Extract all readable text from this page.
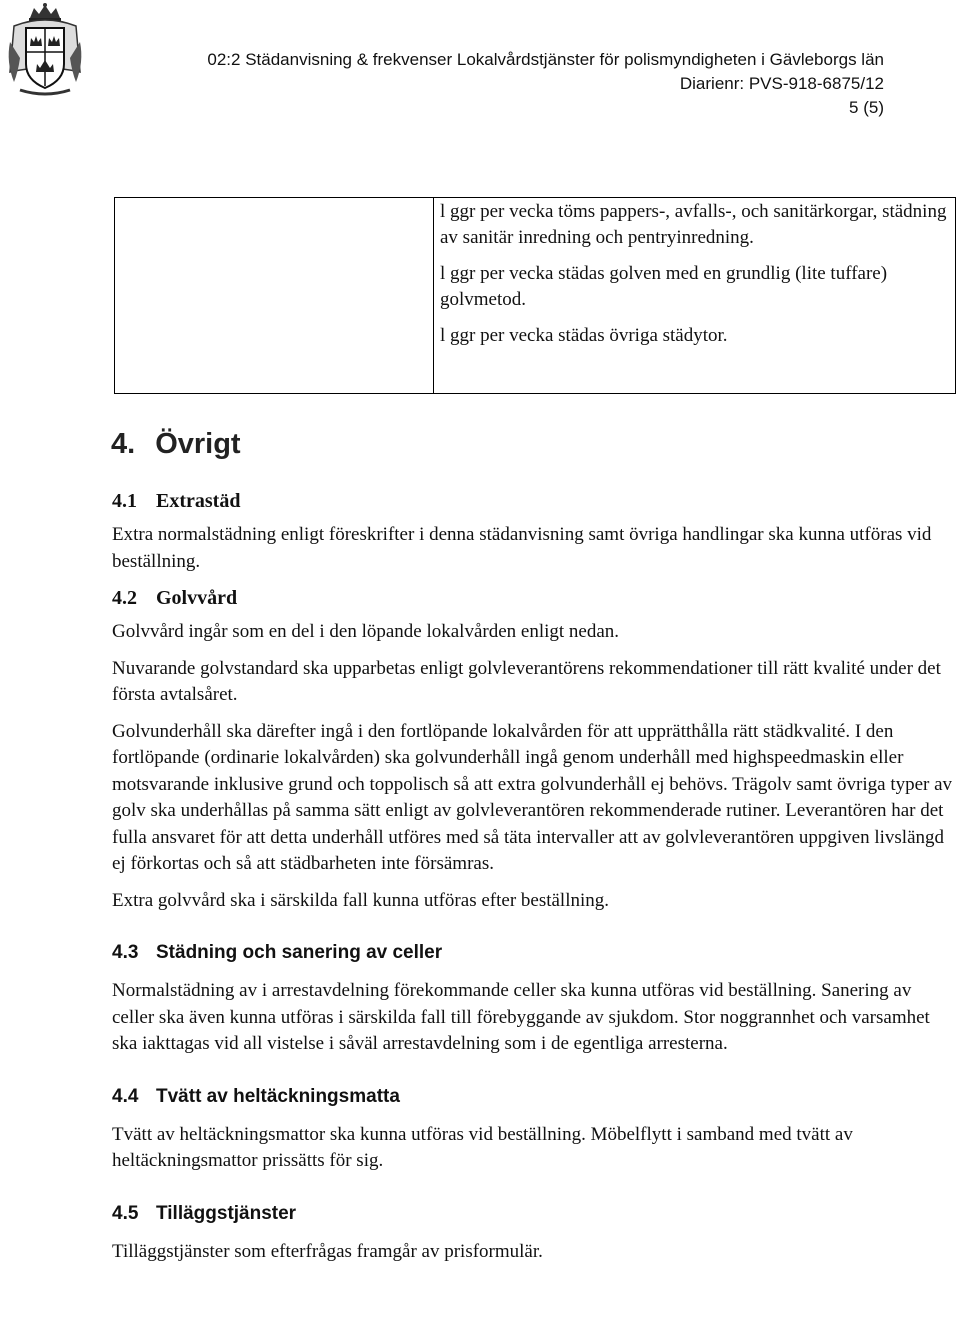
02:2 Städanvisning & frekvenser Lokalvårdstjänster för polismyndigheten i Gävleborgs län
Diarienr: PVS-918-6875/12
5 (5)

l ggr per vecka töms pappers-, avfalls-, och sanitärkorgar, städning av sanitär inredning och pentryinredning.
l ggr per vecka städas golven med en grundlig (lite tuffare) golvmetod.
l ggr per vecka städas övriga städytor.
4. Övrigt
4.1 Extrastäd

Extra normalstädning enligt föreskrifter i denna städanvisning samt övriga handlingar ska kunna utföras vid beställning.

4.2 Golvvård

Golvvård ingår som en del i den löpande lokalvården enligt nedan.

Nuvarande golvstandard ska upparbetas enligt golvleverantörens rekommendationer till rätt kvalité under det första avtalsåret.

Golvunderhåll ska därefter ingå i den fortlöpande lokalvården för att upprätthålla rätt städkvalité. I den fortlöpande (ordinarie lokalvården) ska golvunderhåll ingå genom underhåll med highspeedmaskin eller motsvarande inklusive grund och toppolisch så att extra golvunderhåll ej behövs. Trägolv samt övriga typer av golv ska underhållas på samma sätt enligt av golvleverantören rekommenderade rutiner. Leverantören har det fulla ansvaret för att detta underhåll utföres med så täta intervaller att av golvleverantören uppgiven livslängd ej förkortas och så att städbarheten inte försämras.

Extra golvvård ska i särskilda fall kunna utföras efter beställning.

4.3 Städning och sanering av celler

Normalstädning av i arrestavdelning förekommande celler ska kunna utföras vid beställning. Sanering av celler ska även kunna utföras i särskilda fall till förebyggande av sjukdom. Stor noggrannhet och varsamhet ska iakttagas vid all vistelse i såväl arrestavdelning som i de egentliga arresterna.

4.4 Tvätt av heltäckningsmatta

Tvätt av heltäckningsmattor ska kunna utföras vid beställning. Möbelflytt i samband med tvätt av heltäckningsmattor prissätts för sig.

4.5 Tilläggstjänster

Tilläggstjänster som efterfrågas framgår av prisformulär.
